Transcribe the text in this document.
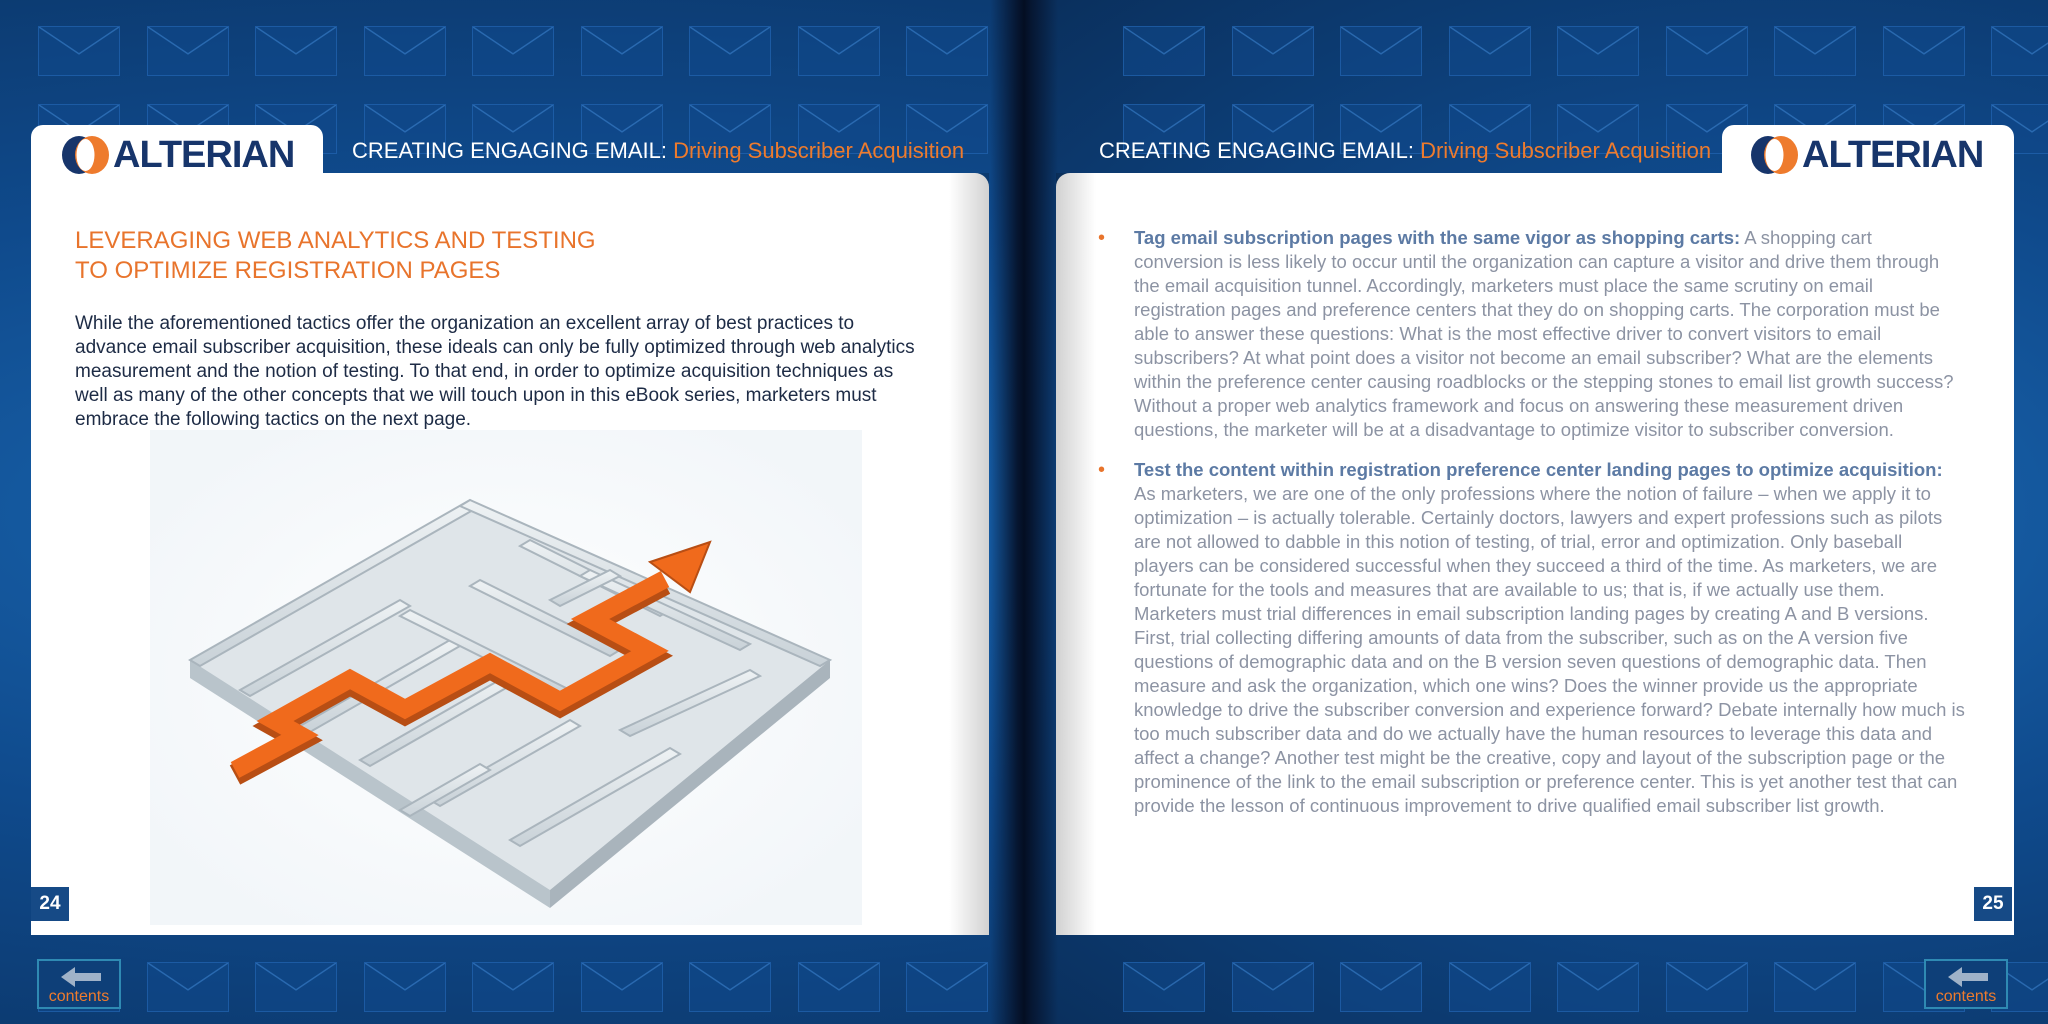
ALTERIAN	CREATING ENGAGING EMAIL: Driving Subscriber Acquisition
LEVERAGING WEB ANALYTICS AND TESTING
TO OPTIMIZE REGISTRATION PAGES
While the aforementioned tactics offer the organization an excellent array of best practices to advance email subscriber acquisition, these ideals can only be fully optimized through web analytics measurement and the notion of testing. To that end, in order to optimize acquisition techniques as well as many of the other concepts that we will touch upon in this eBook series, marketers must embrace the following tactics on the next page.
24
ALTERIAN
CREATING ENGAGING EMAIL: Driving Subscriber Acquisition
• Tag email subscription pages with the same vigor as shopping carts: A shopping cart conversion is less likely to occur until the organization can capture a visitor and drive them through the email acquisition tunnel. Accordingly, marketers must place the same scrutiny on email registration pages and preference centers that they do on shopping carts. The corporation must be able to answer these questions: What is the most effective driver to convert visitors to email subscribers? At what point does a visitor not become an email subscriber? What are the elements within the preference center causing roadblocks or the stepping stones to email list growth success? Without a proper web analytics framework and focus on answering these measurement driven questions, the marketer will be at a disadvantage to optimize visitor to subscriber conversion.
• Test the content within registration preference center landing pages to optimize acquisition: As marketers, we are one of the only professions where the notion of failure – when we apply it to optimization – is actually tolerable. Certainly doctors, lawyers and expert professions such as pilots are not allowed to dabble in this notion of testing, of trial, error and optimization. Only baseball players can be considered successful when they succeed a third of the time. As marketers, we are fortunate for the tools and measures that are available to us; that is, if we actually use them. Marketers must trial differences in email subscription landing pages by creating A and B versions. First, trial collecting differing amounts of data from the subscriber, such as on the A version five questions of demographic data and on the B version seven questions of demographic data. Then measure and ask the organization, which one wins? Does the winner provide us the appropriate knowledge to drive the subscriber conversion and experience forward? Debate internally how much is too much subscriber data and do we actually have the human resources to leverage this data and affect a change? Another test might be the creative, copy and layout of the subscription page or the prominence of the link to the email subscription or preference center. This is yet another test that can provide the lesson of continuous improvement to drive qualified email subscriber list growth.
25
contents	contents
